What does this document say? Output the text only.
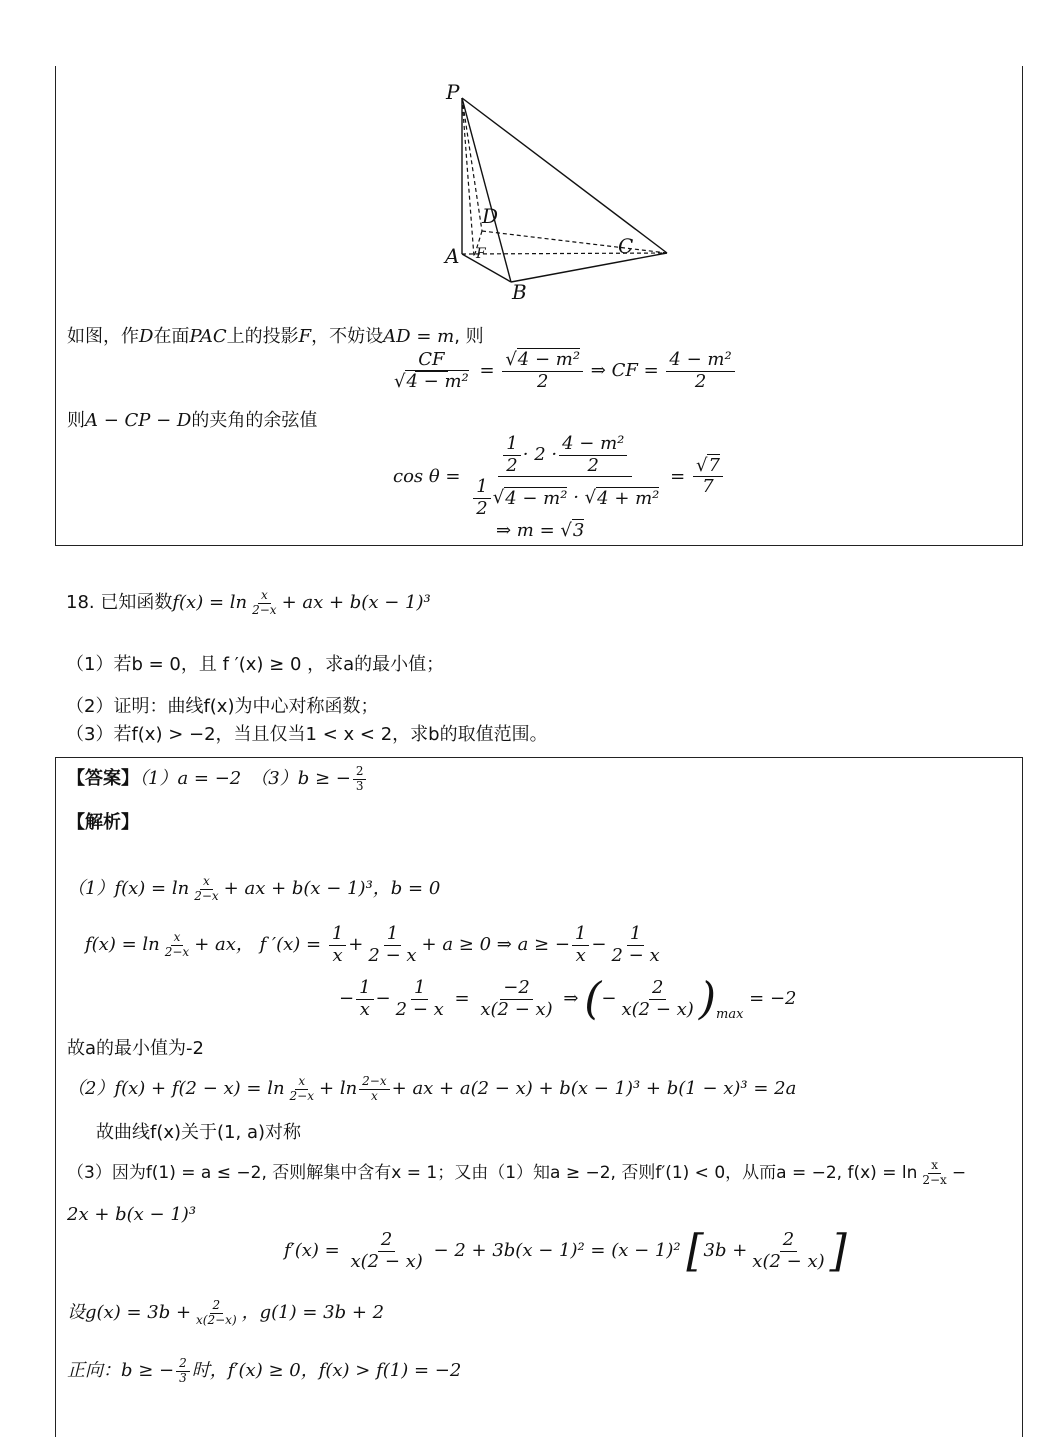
P
D
A F	C
B
如图，作D在面PAC上的投影F，不妨设AD = m, 则
$\frac{CF}{\text{√4 − m²}} = \frac{\text{√4 − m²}}{2}$ ⇒ CF = $\frac{\text{4 − m²}}{2}$
则A − CP − D的夹角的余弦值
$\cos \theta = \frac{\frac{1}{2} \cdot 2 \cdot \frac{\text{4 − m²}}{2}}{\frac{1}{2} √4 - m^2 \cdot √4 + m^2} = \frac{√7}{7}$
⇒ m = √3
18. 已知函数$f(x) = \ln \frac{x}{2-x}$ + ax + b(x − 1)³
（1）若b = 0，且 f ′(x) ≥ 0 ，求a的最小值；
（2）证明：曲线f(x)为中心对称函数；
（3）若f(x) > −2，当且仅当1 < x < 2，求b的取值范围。
【答案】（1）a = −2　（3）b ≥ − $\frac{2}{3}$
【解析】
$(1)f(x) = \ln \frac{x}{2-x}$ + ax + b(x − 1)³，b = 0
$f(x) = \ln \frac{x}{2-x}$ + ax， f $'(x) = \frac{1}{x} + \frac{1}{2 - x} + a \ge 0$ ⇒ a ≥ − $\frac{1}{x} - \frac{1}{2 - x}$
− $\frac{1}{x} - \frac{1}{2 - x} = \frac{-2}{x(2 - x)}$ ⇒ (− $\frac{2}{x(2 - x)} )_{max} = -2$
故a的最小值为-2
$(2)f(x) + f(2 - x) = \ln \frac{x}{2-x} + \ln \frac{2-x}{x}$ + ax + a(2 − x) + b(x − 1)³ + b(1 − x)³ = 2a
故曲线f(x)关于(1, a)对称
（3）因为f(1) = a ≤ −2, 否则解集中含有x = 1；又由（1）知a ≥ −2, 否则f′(1) < 0，从而a = −2, $f(x) = \ln \frac{x}{2-x}$ −
2x + b(x − 1)³
$f'(x) = \frac{2}{x(2 - x)} - 2 + 3b(x - 1)^2 = (x - 1)^2$ [$3b + \frac{2}{x(2 - x)}$ ]
设$g(x) = 3b + \frac{2}{x(2-x)}$ ，g(1) = 3b + 2
正向：b ≥ − $\frac{2}{3}$ 时，f′(x) ≥ 0，f(x) > f(1) = −2
